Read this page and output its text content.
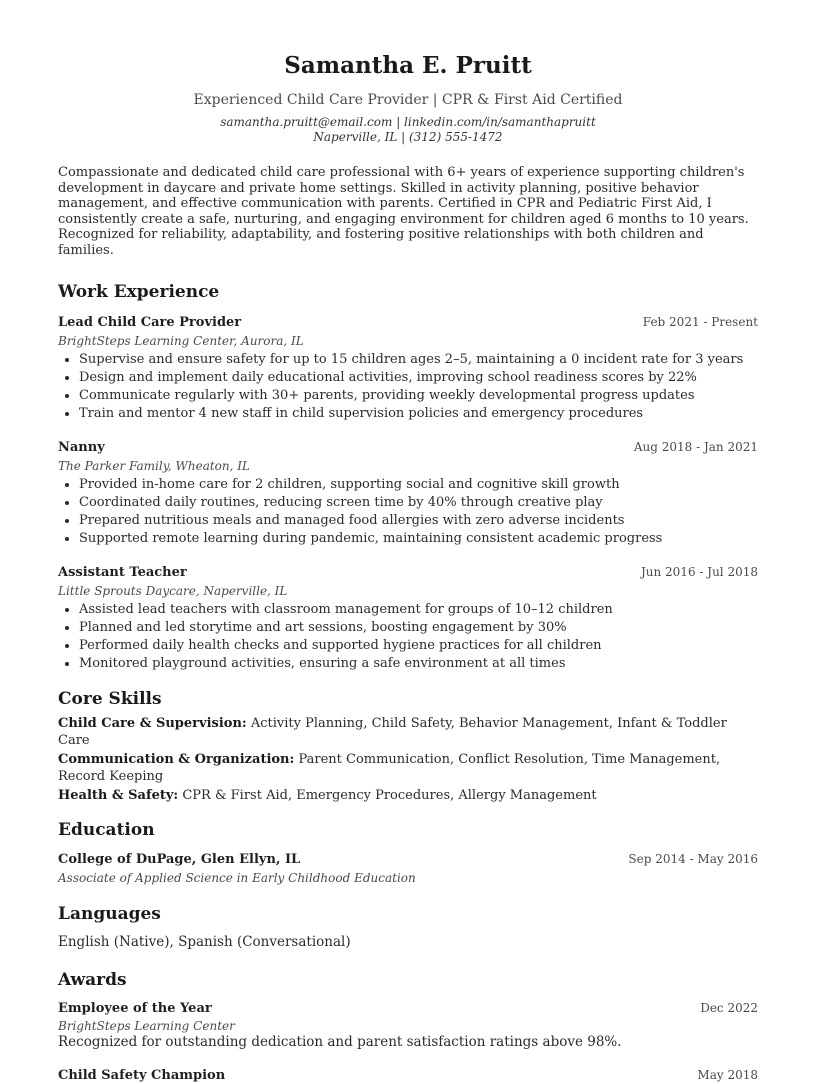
Samantha E. Pruitt
Experienced Child Care Provider | CPR & First Aid Certified
samantha.pruitt@email.com | linkedin.com/in/samanthapruitt
Naperville, IL | (312) 555-1472

Compassionate and dedicated child care professional with 6+ years of experience supporting children's development in daycare and private home settings. Skilled in activity planning, positive behavior management, and effective communication with parents. Certified in CPR and Pediatric First Aid, I consistently create a safe, nurturing, and engaging environment for children aged 6 months to 10 years. Recognized for reliability, adaptability, and fostering positive relationships with both children and families.

Work Experience
Lead Child Care Provider	Feb 2021 - Present
BrightSteps Learning Center, Aurora, IL
• Supervise and ensure safety for up to 15 children ages 2–5, maintaining a 0 incident rate for 3 years
• Design and implement daily educational activities, improving school readiness scores by 22%
• Communicate regularly with 30+ parents, providing weekly developmental progress updates
• Train and mentor 4 new staff in child supervision policies and emergency procedures
Nanny	Aug 2018 - Jan 2021
The Parker Family, Wheaton, IL
• Provided in-home care for 2 children, supporting social and cognitive skill growth
• Coordinated daily routines, reducing screen time by 40% through creative play
• Prepared nutritious meals and managed food allergies with zero adverse incidents
• Supported remote learning during pandemic, maintaining consistent academic progress
Assistant Teacher	Jun 2016 - Jul 2018
Little Sprouts Daycare, Naperville, IL
• Assisted lead teachers with classroom management for groups of 10–12 children
• Planned and led storytime and art sessions, boosting engagement by 30%
• Performed daily health checks and supported hygiene practices for all children
• Monitored playground activities, ensuring a safe environment at all times
Core Skills
Child Care & Supervision: Activity Planning, Child Safety, Behavior Management, Infant & Toddler Care
Communication & Organization: Parent Communication, Conflict Resolution, Time Management, Record Keeping
Health & Safety: CPR & First Aid, Emergency Procedures, Allergy Management
Education
College of DuPage, Glen Ellyn, IL	Sep 2014 - May 2016
Associate of Applied Science in Early Childhood Education
Languages
English (Native), Spanish (Conversational)
Awards
Employee of the Year	Dec 2022
BrightSteps Learning Center
Recognized for outstanding dedication and parent satisfaction ratings above 98%.
Child Safety Champion	May 2018
